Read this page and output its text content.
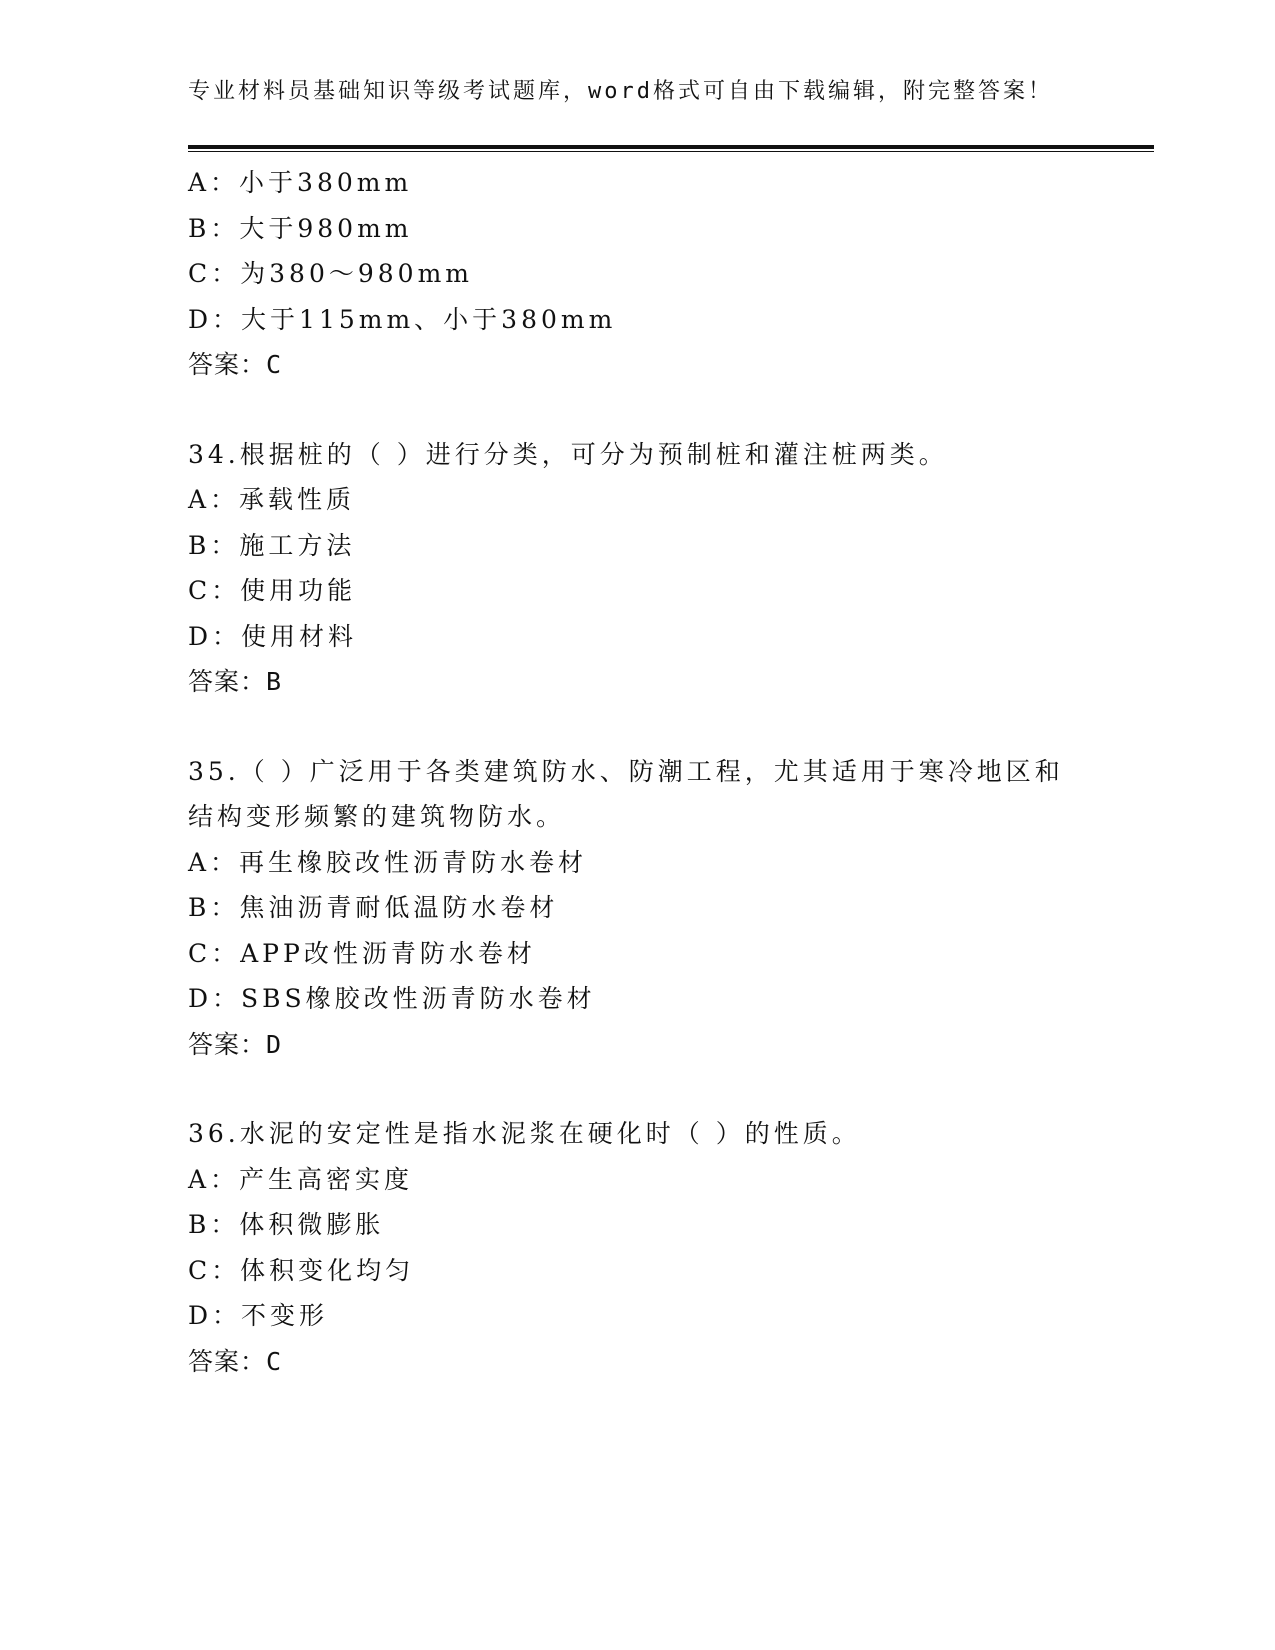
专业材料员基础知识等级考试题库，word格式可自由下载编辑，附完整答案！
A：小于380mm
B：大于980mm
C：为380～980mm
D：大于115mm、小于380mm
答案：C
34.根据桩的（ ）进行分类，可分为预制桩和灌注桩两类。
A：承载性质
B：施工方法
C：使用功能
D：使用材料
答案：B
35.（ ）广泛用于各类建筑防水、防潮工程，尤其适用于寒冷地区和
结构变形频繁的建筑物防水。
A：再生橡胶改性沥青防水卷材
B：焦油沥青耐低温防水卷材
C：APP改性沥青防水卷材
D：SBS橡胶改性沥青防水卷材
答案：D
36.水泥的安定性是指水泥浆在硬化时（ ）的性质。
A：产生高密实度
B：体积微膨胀
C：体积变化均匀
D：不变形
答案：C
